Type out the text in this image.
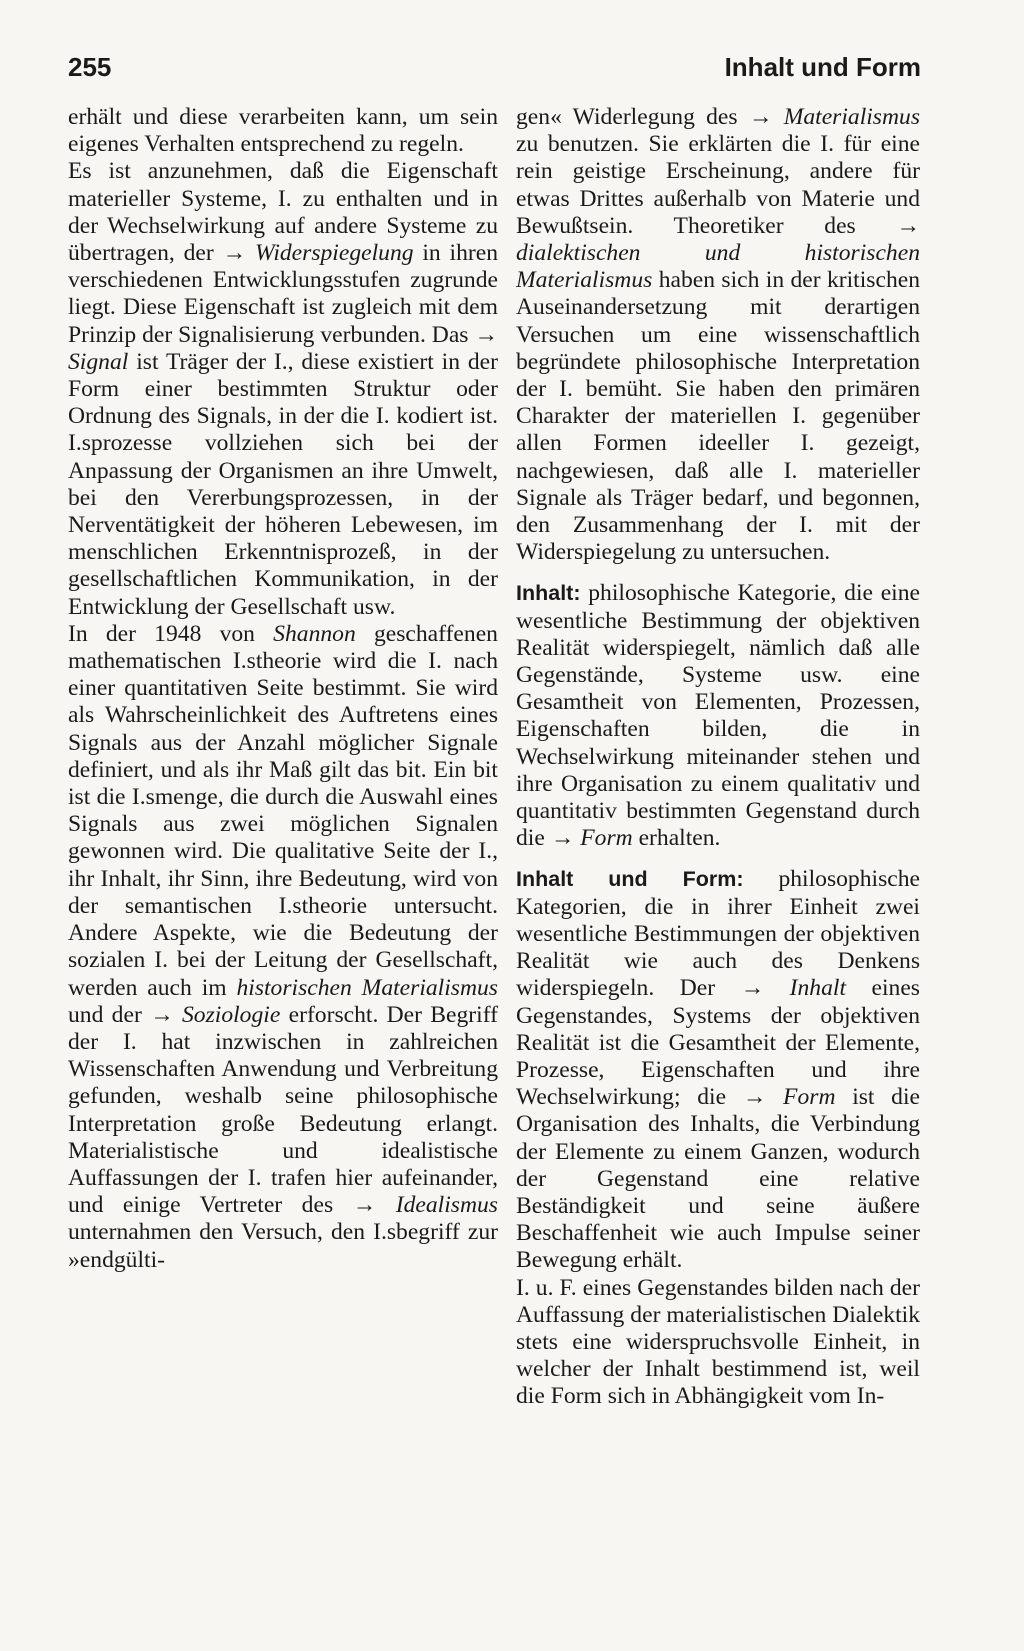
255	Inhalt und Form

erhält und diese verarbeiten kann, um sein eigenes Verhalten entsprechend zu regeln.

Es ist anzunehmen, daß die Eigenschaft materieller Systeme, I. zu enthalten und in der Wechselwirkung auf andere Systeme zu übertragen, der → Widerspiegelung in ihren verschiedenen Entwicklungsstufen zugrunde liegt. Diese Eigenschaft ist zugleich mit dem Prinzip der Signalisierung verbunden. Das → Signal ist Träger der I., diese existiert in der Form einer bestimmten Struktur oder Ordnung des Signals, in der die I. kodiert ist. I.sprozesse vollziehen sich bei der Anpassung der Organismen an ihre Umwelt, bei den Vererbungsprozessen, in der Nerventätigkeit der höheren Lebewesen, im menschlichen Erkenntnisprozeß, in der gesellschaftlichen Kommunikation, in der Entwicklung der Gesellschaft usw.

In der 1948 von Shannon geschaffenen mathematischen I.stheorie wird die I. nach einer quantitativen Seite bestimmt. Sie wird als Wahrscheinlichkeit des Auftretens eines Signals aus der Anzahl möglicher Signale definiert, und als ihr Maß gilt das bit. Ein bit ist die I.smenge, die durch die Auswahl eines Signals aus zwei möglichen Signalen gewonnen wird. Die qualitative Seite der I., ihr Inhalt, ihr Sinn, ihre Bedeutung, wird von der semantischen I.stheorie untersucht. Andere Aspekte, wie die Bedeutung der sozialen I. bei der Leitung der Gesellschaft, werden auch im historischen Materialismus und der → Soziologie erforscht. Der Begriff der I. hat inzwischen in zahlreichen Wissenschaften Anwendung und Verbreitung gefunden, weshalb seine philosophische Interpretation große Bedeutung erlangt. Materialistische und idealistische Auffassungen der I. trafen hier aufeinander, und einige Vertreter des → Idealismus unternahmen den Versuch, den I.sbegriff zur »endgülti-

gen« Widerlegung des → Materialismus zu benutzen. Sie erklärten die I. für eine rein geistige Erscheinung, andere für etwas Drittes außerhalb von Materie und Bewußtsein. Theoretiker des → dialektischen und historischen Materialismus haben sich in der kritischen Auseinandersetzung mit derartigen Versuchen um eine wissenschaftlich begründete philosophische Interpretation der I. bemüht. Sie haben den primären Charakter der materiellen I. gegenüber allen Formen ideeller I. gezeigt, nachgewiesen, daß alle I. materieller Signale als Träger bedarf, und begonnen, den Zusammenhang der I. mit der Widerspiegelung zu untersuchen.

Inhalt: philosophische Kategorie, die eine wesentliche Bestimmung der objektiven Realität widerspiegelt, nämlich daß alle Gegenstände, Systeme usw. eine Gesamtheit von Elementen, Prozessen, Eigenschaften bilden, die in Wechselwirkung miteinander stehen und ihre Organisation zu einem qualitativ und quantitativ bestimmten Gegenstand durch die → Form erhalten.

Inhalt und Form: philosophische Kategorien, die in ihrer Einheit zwei wesentliche Bestimmungen der objektiven Realität wie auch des Denkens widerspiegeln. Der → Inhalt eines Gegenstandes, Systems der objektiven Realität ist die Gesamtheit der Elemente, Prozesse, Eigenschaften und ihre Wechselwirkung; die → Form ist die Organisation des Inhalts, die Verbindung der Elemente zu einem Ganzen, wodurch der Gegenstand eine relative Beständigkeit und seine äußere Beschaffenheit wie auch Impulse seiner Bewegung erhält.

I. u. F. eines Gegenstandes bilden nach der Auffassung der materialistischen Dialektik stets eine widerspruchsvolle Einheit, in welcher der Inhalt bestimmend ist, weil die Form sich in Abhängigkeit vom In-
